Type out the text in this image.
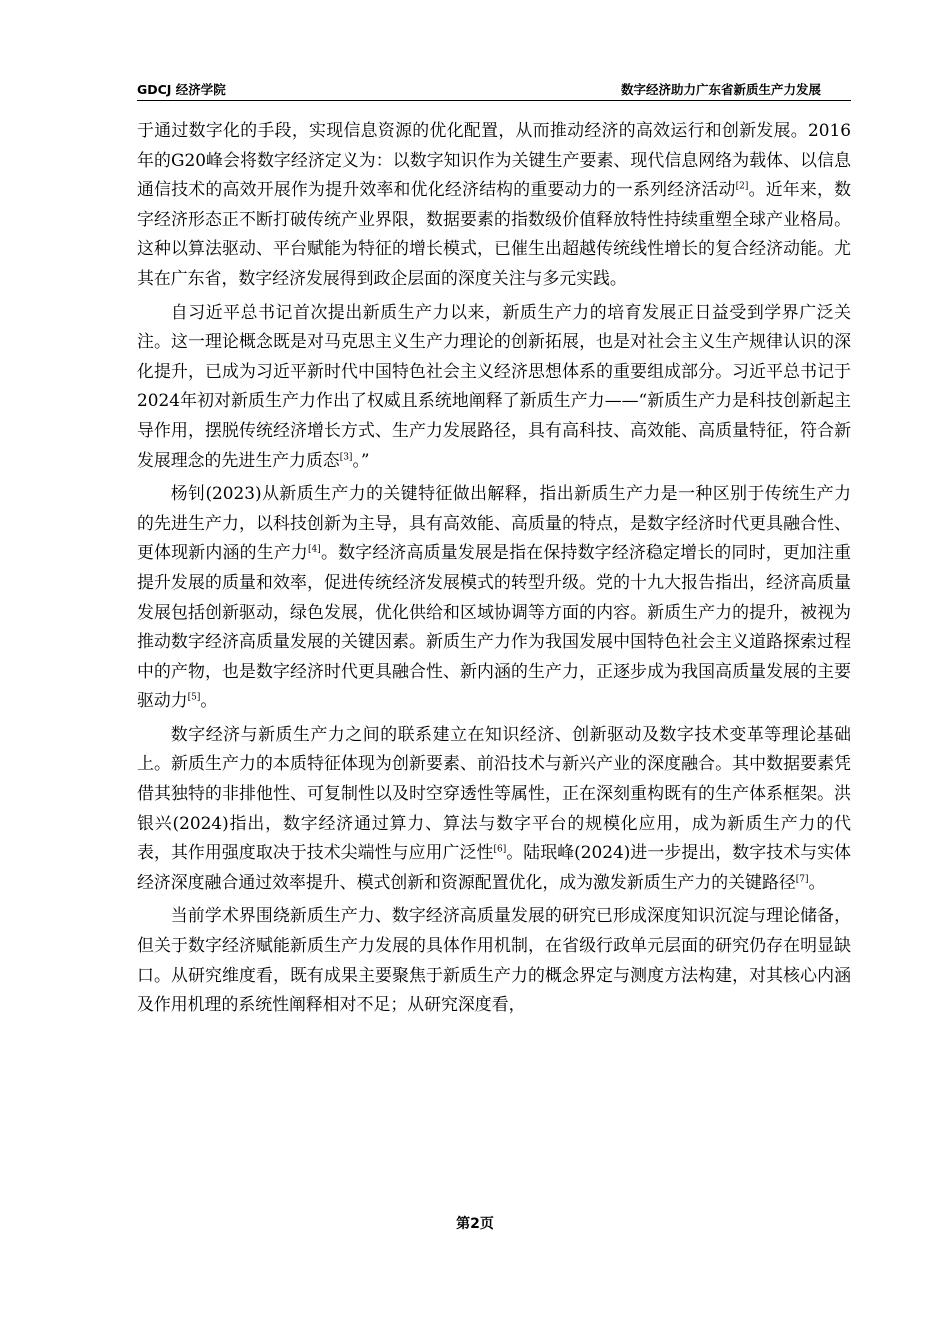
GDCJ 经济学院	数字经济助力广东省新质生产力发展

于通过数字化的手段，实现信息资源的优化配置，从而推动经济的高效运行和创新发展。2016年的G20峰会将数字经济定义为：以数字知识作为关键生产要素、现代信息网络为载体、以信息通信技术的高效开展作为提升效率和优化经济结构的重要动力的一系列经济活动[2]。近年来，数字经济形态正不断打破传统产业界限，数据要素的指数级价值释放特性持续重塑全球产业格局。这种以算法驱动、平台赋能为特征的增长模式，已催生出超越传统线性增长的复合经济动能。尤其在广东省，数字经济发展得到政企层面的深度关注与多元实践。

自习近平总书记首次提出新质生产力以来，新质生产力的培育发展正日益受到学界广泛关注。这一理论概念既是对马克思主义生产力理论的创新拓展，也是对社会主义生产规律认识的深化提升，已成为习近平新时代中国特色社会主义经济思想体系的重要组成部分。习近平总书记于2024年初对新质生产力作出了权威且系统地阐释了新质生产力——“新质生产力是科技创新起主导作用，摆脱传统经济增长方式、生产力发展路径，具有高科技、高效能、高质量特征，符合新发展理念的先进生产力质态[3]。”

杨钊(2023)从新质生产力的关键特征做出解释，指出新质生产力是一种区别于传统生产力的先进生产力，以科技创新为主导，具有高效能、高质量的特点，是数字经济时代更具融合性、更体现新内涵的生产力[4]。数字经济高质量发展是指在保持数字经济稳定增长的同时，更加注重提升发展的质量和效率，促进传统经济发展模式的转型升级。党的十九大报告指出，经济高质量发展包括创新驱动，绿色发展，优化供给和区域协调等方面的内容。新质生产力的提升，被视为推动数字经济高质量发展的关键因素。新质生产力作为我国发展中国特色社会主义道路探索过程中的产物，也是数字经济时代更具融合性、新内涵的生产力，正逐步成为我国高质量发展的主要驱动力[5]。

数字经济与新质生产力之间的联系建立在知识经济、创新驱动及数字技术变革等理论基础上。新质生产力的本质特征体现为创新要素、前沿技术与新兴产业的深度融合。其中数据要素凭借其独特的非排他性、可复制性以及时空穿透性等属性，正在深刻重构既有的生产体系框架。洪银兴(2024)指出，数字经济通过算力、算法与数字平台的规模化应用，成为新质生产力的代表，其作用强度取决于技术尖端性与应用广泛性[6]。陆珉峰(2024)进一步提出，数字技术与实体经济深度融合通过效率提升、模式创新和资源配置优化，成为激发新质生产力的关键路径[7]。

当前学术界围绕新质生产力、数字经济高质量发展的研究已形成深度知识沉淀与理论储备，但关于数字经济赋能新质生产力发展的具体作用机制，在省级行政单元层面的研究仍存在明显缺口。从研究维度看，既有成果主要聚焦于新质生产力的概念界定与测度方法构建，对其核心内涵及作用机理的系统性阐释相对不足；从研究深度看，

第2页
